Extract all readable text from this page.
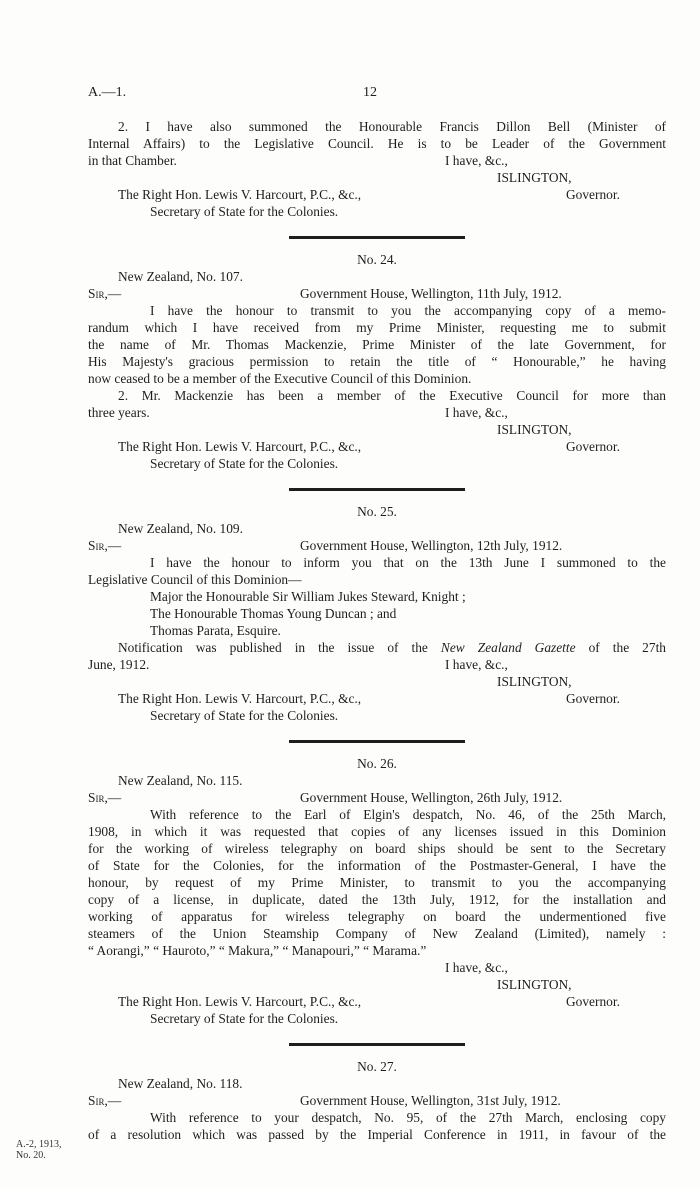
A.—1.	12
2. I have also summoned the Honourable Francis Dillon Bell (Minister of
Internal Affairs) to the Legislative Council. He is to be Leader of the Government
in that Chamber.	I have, &c.,
ISLINGTON,
The Right Hon. Lewis V. Harcourt, P.C., &c.,	Governor.
Secretary of State for the Colonies.
No. 24.
New Zealand, No. 107.
Sir,—	Government House, Wellington, 11th July, 1912.
I have the honour to transmit to you the accompanying copy of a memo-
randum which I have received from my Prime Minister, requesting me to submit
the name of Mr. Thomas Mackenzie, Prime Minister of the late Government, for
His Majesty's gracious permission to retain the title of “ Honourable,” he having
now ceased to be a member of the Executive Council of this Dominion.
2. Mr. Mackenzie has been a member of the Executive Council for more than
three years.	I have, &c.,
ISLINGTON,
The Right Hon. Lewis V. Harcourt, P.C., &c.,	Governor.
Secretary of State for the Colonies.
No. 25.
New Zealand, No. 109.
Sir,—	Government House, Wellington, 12th July, 1912.
I have the honour to inform you that on the 13th June I summoned to the
Legislative Council of this Dominion—
Major the Honourable Sir William Jukes Steward, Knight ;
The Honourable Thomas Young Duncan ; and
Thomas Parata, Esquire.
Notification was published in the issue of the New Zealand Gazette of the 27th
June, 1912.	I have, &c.,
ISLINGTON,
The Right Hon. Lewis V. Harcourt, P.C., &c.,	Governor.
Secretary of State for the Colonies.
No. 26.
New Zealand, No. 115.
Sir,—	Government House, Wellington, 26th July, 1912.
With reference to the Earl of Elgin's despatch, No. 46, of the 25th March,
1908, in which it was requested that copies of any licenses issued in this Dominion
for the working of wireless telegraphy on board ships should be sent to the Secretary
of State for the Colonies, for the information of the Postmaster-General, I have the
honour, by request of my Prime Minister, to transmit to you the accompanying
copy of a license, in duplicate, dated the 13th July, 1912, for the installation and
working of apparatus for wireless telegraphy on board the undermentioned five
steamers of the Union Steamship Company of New Zealand (Limited), namely :
“ Aorangi,” “ Hauroto,” “ Makura,” “ Manapouri,” “ Marama.”
I have, &c.,
ISLINGTON,
The Right Hon. Lewis V. Harcourt, P.C., &c.,	Governor.
Secretary of State for the Colonies.
No. 27.
New Zealand, No. 118.
Sir,—	Government House, Wellington, 31st July, 1912.
With reference to your despatch, No. 95, of the 27th March, enclosing copy
of a resolution which was passed by the Imperial Conference in 1911, in favour of the
A.-2, 1913,
No. 20.
